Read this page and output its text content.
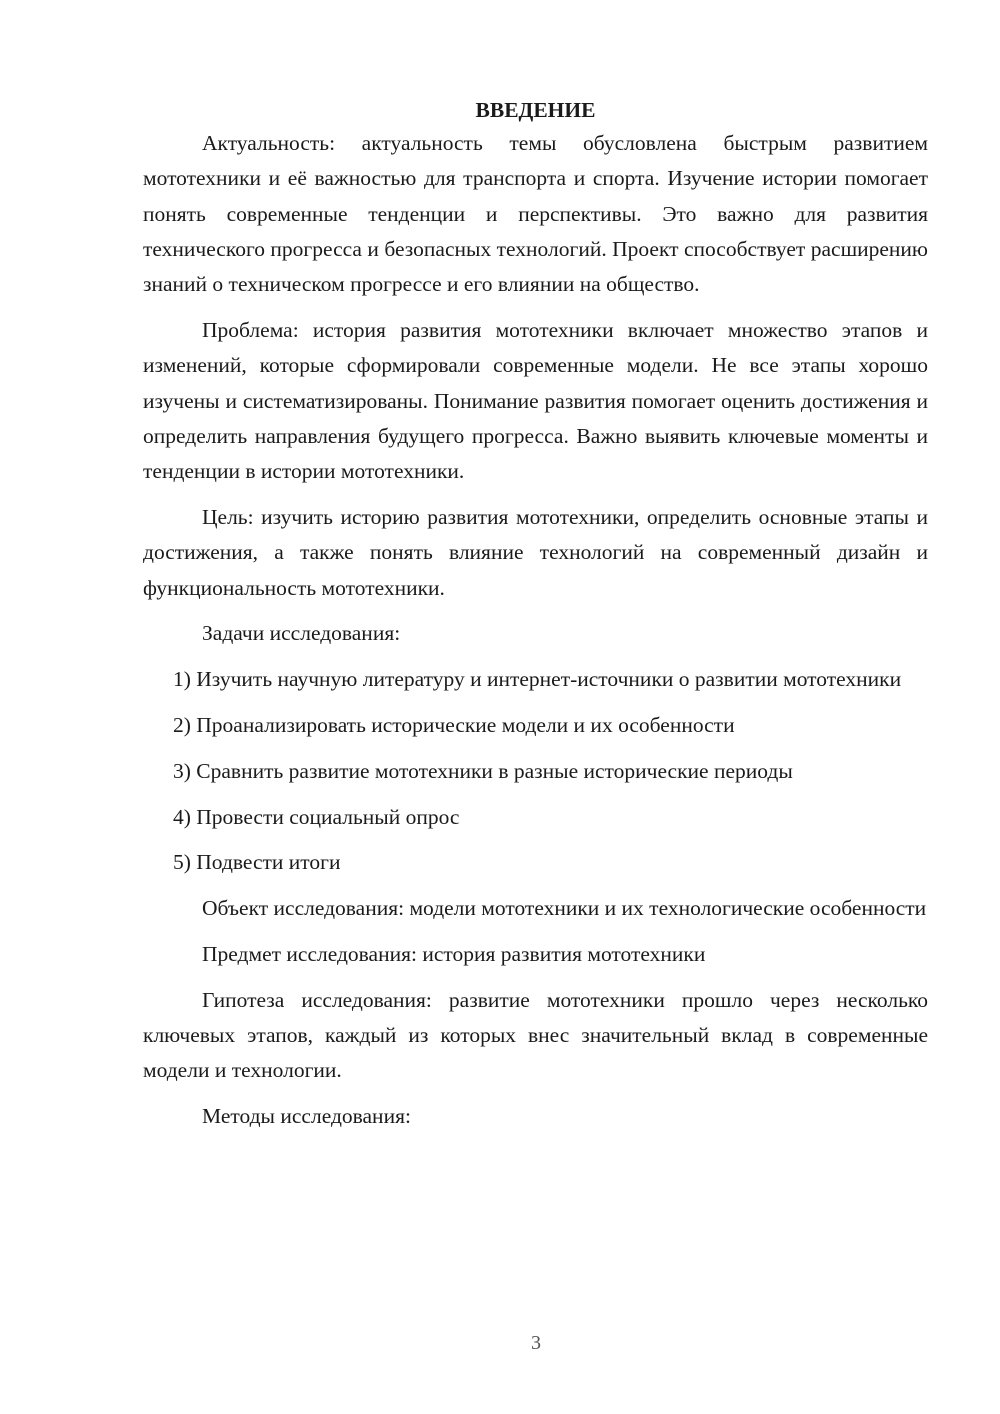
ВВЕДЕНИЕ

Актуальность: актуальность темы обусловлена быстрым развитием мототехники и её важностью для транспорта и спорта. Изучение истории помогает понять современные тенденции и перспективы. Это важно для развития технического прогресса и безопасных технологий. Проект способствует расширению знаний о техническом прогрессе и его влиянии на общество.

Проблема: история развития мототехники включает множество этапов и изменений, которые сформировали современные модели. Не все этапы хорошо изучены и систематизированы. Понимание развития помогает оценить достижения и определить направления будущего прогресса. Важно выявить ключевые моменты и тенденции в истории мототехники.

Цель: изучить историю развития мототехники, определить основные этапы и достижения, а также понять влияние технологий на современный дизайн и функциональность мототехники.

Задачи исследования:

1) Изучить научную литературу и интернет-источники о развитии мототехники

2) Проанализировать исторические модели и их особенности

3) Сравнить развитие мототехники в разные исторические периоды

4) Провести социальный опрос

5) Подвести итоги

Объект исследования: модели мототехники и их технологические особенности

Предмет исследования: история развития мототехники

Гипотеза исследования: развитие мототехники прошло через несколько ключевых этапов, каждый из которых внес значительный вклад в современные модели и технологии.

Методы исследования:

3
